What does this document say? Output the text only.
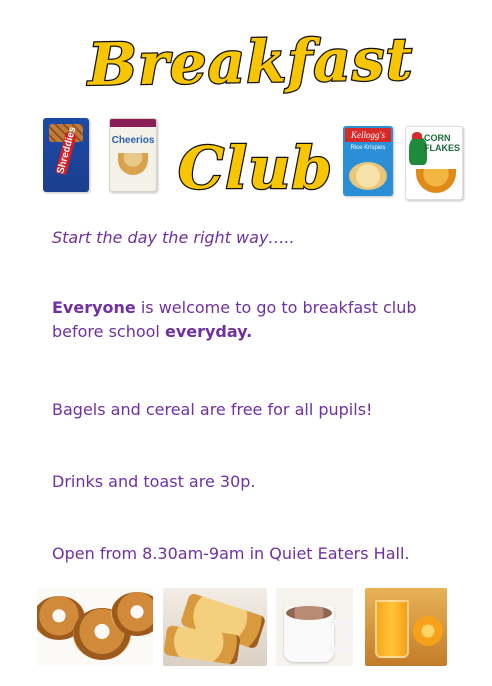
Breakfast
Club
Shreddies	Cheerios	Kellogg's
Rice Krispies
CORN FLAKES
Start the day the right way…..
Everyone is welcome to go to breakfast club before school everyday.
Bagels and cereal are free for all pupils!
Drinks and toast are 30p.
Open from 8.30am-9am in Quiet Eaters Hall.
